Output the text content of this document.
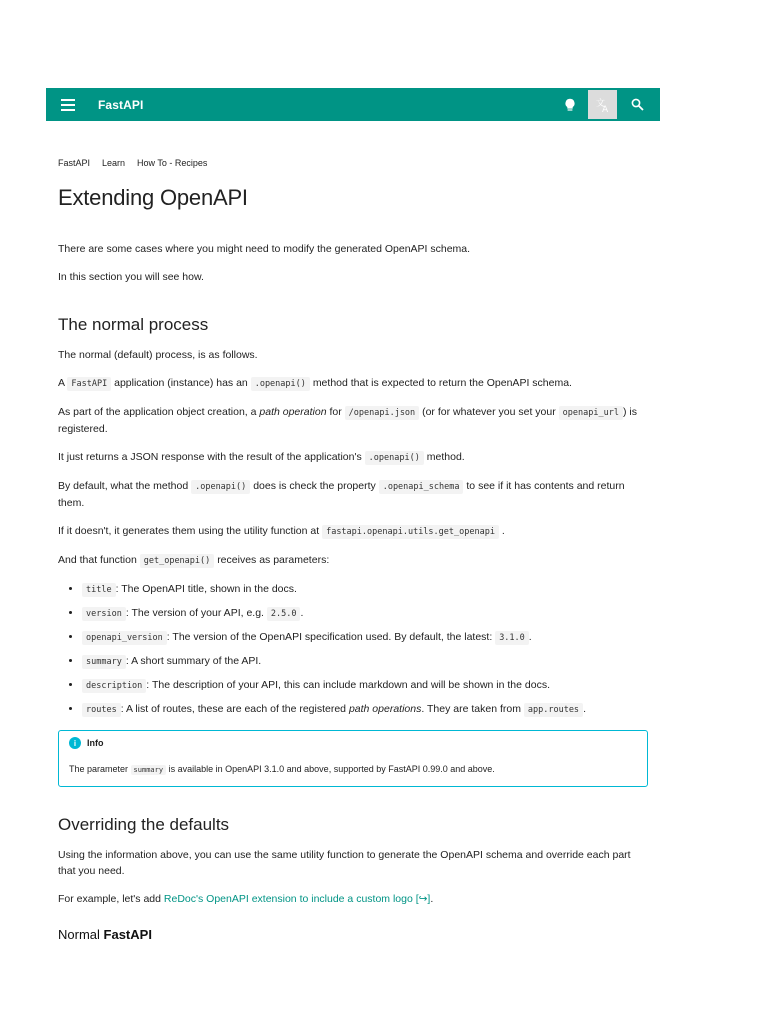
FastAPI	文
A
FastAPI Learn How To - Recipes
Extending OpenAPI

There are some cases where you might need to modify the generated OpenAPI schema.

In this section you will see how.

The normal process

The normal (default) process, is as follows.

A FastAPI application (instance) has an .openapi() method that is expected to return the OpenAPI schema.

As part of the application object creation, a path operation for /openapi.json (or for whatever you set your openapi_url ) is registered.

It just returns a JSON response with the result of the application's .openapi() method.

By default, what the method .openapi() does is check the property .openapi_schema to see if it has contents and return them.

If it doesn't, it generates them using the utility function at fastapi.openapi.utils.get_openapi .

And that function get_openapi() receives as parameters:

• title : The OpenAPI title, shown in the docs.
• version : The version of your API, e.g. 2.5.0 .
• openapi_version : The version of the OpenAPI specification used. By default, the latest: 3.1.0 .
• summary : A short summary of the API.
• description : The description of your API, this can include markdown and will be shown in the docs.
• routes : A list of routes, these are each of the registered path operations. They are taken from app.routes .
i	Info

The parameter summary is available in OpenAPI 3.1.0 and above, supported by FastAPI 0.99.0 and above.

Overriding the defaults

Using the information above, you can use the same utility function to generate the OpenAPI schema and override each part that you need.

For example, let's add ReDoc's OpenAPI extension to include a custom logo [↪].

Normal FastAPI
